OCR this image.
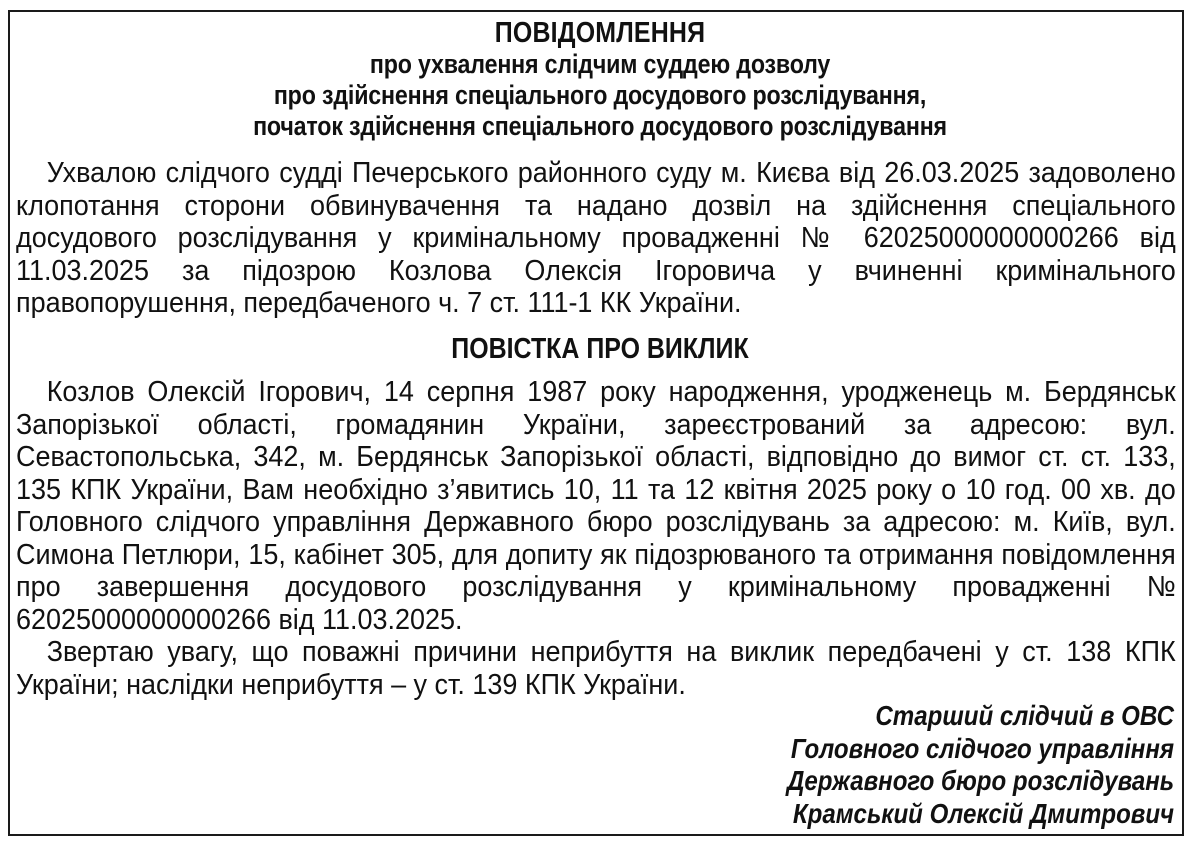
ПОВІДОМЛЕННЯ
про ухвалення слідчим суддею дозволу
про здійснення спеціального досудового розслідування,
початок здійснення спеціального досудового розслідування

Ухвалою слідчого судді Печерського районного суду м. Києва від 26.03.2025 задоволено клопотання сторони обвинувачення та надано дозвіл на здійснення спеціального досудового розслідування у кримінальному провадженні № 62025000000000266 від 11.03.2025 за підозрою Козлова Олексія Ігоровича у вчиненні кримінального правопорушення, передбаченого ч. 7 ст. 111-1 КК України.

ПОВІСТКА ПРО ВИКЛИК

Козлов Олексій Ігорович, 14 серпня 1987 року народження, уродженець м. Бердянськ Запорізької області, громадянин України, зареєстрований за адресою: вул. Севастопольська, 342, м. Бердянськ Запорізької області, відповідно до вимог ст. ст. 133, 135 КПК України, Вам необхідно з’явитись 10, 11 та 12 квітня 2025 року о 10 год. 00 хв. до Головного слідчого управління Державного бюро розслідувань за адресою: м. Київ, вул. Симона Петлюри, 15, кабінет 305, для допиту як підозрюваного та отримання повідомлення про завершення досудового розслідування у кримінальному провадженні № 62025000000000266 від 11.03.2025.

Звертаю увагу, що поважні причини неприбуття на виклик передбачені у ст. 138 КПК України; наслідки неприбуття – у ст. 139 КПК України.

Старший слідчий в ОВС
Головного слідчого управління
Державного бюро розслідувань
Крамський Олексій Дмитрович
